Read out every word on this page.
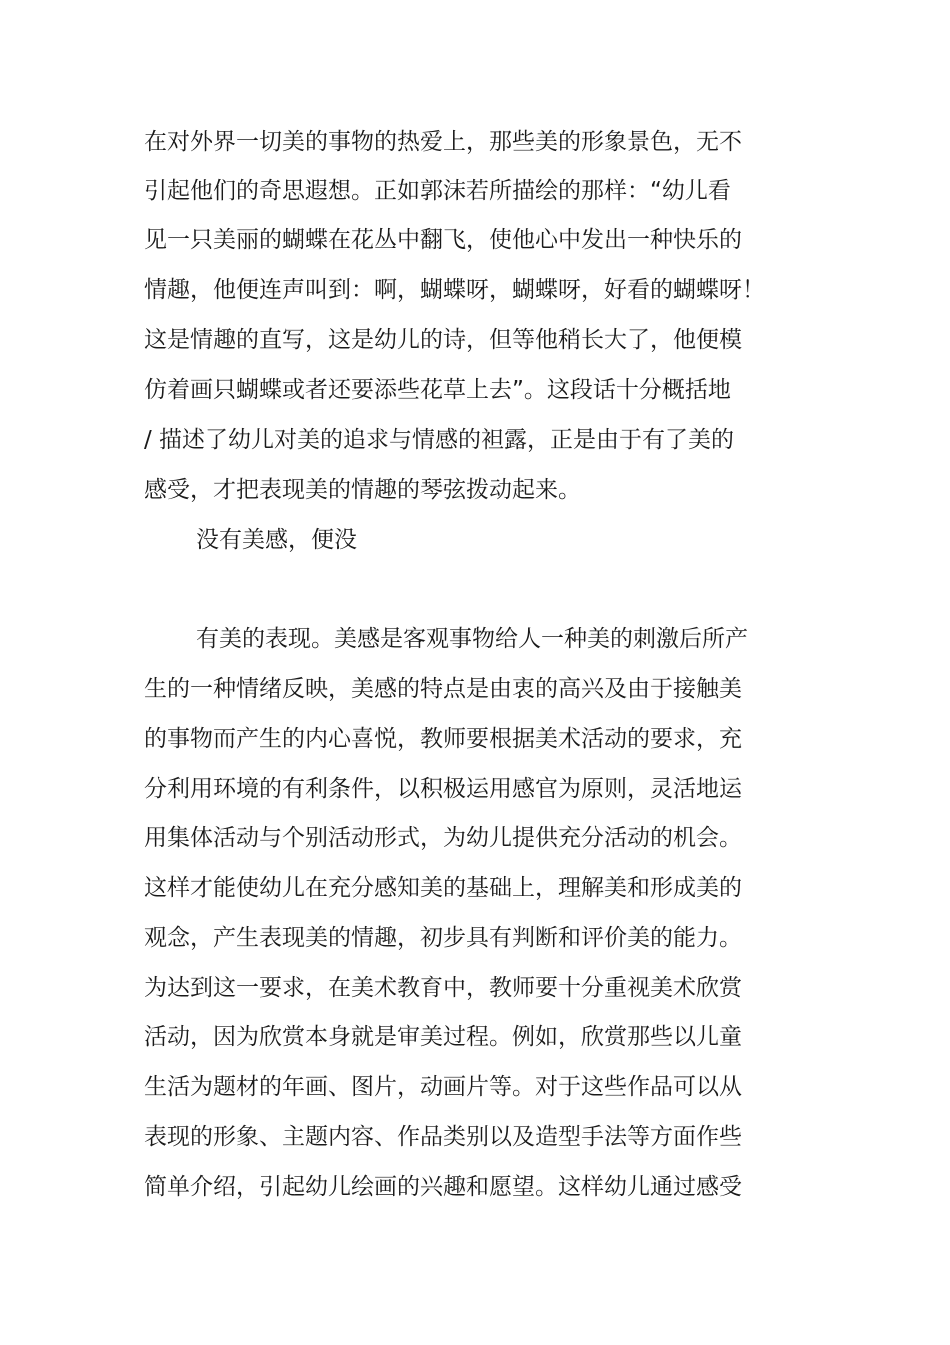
在对外界一切美的事物的热爱上，那些美的形象景色，无不
引起他们的奇思遐想。正如郭沫若所描绘的那样：“幼儿看
见一只美丽的蝴蝶在花丛中翻飞，使他心中发出一种快乐的
情趣，他便连声叫到：啊，蝴蝶呀，蝴蝶呀，好看的蝴蝶呀！
这是情趣的直写，这是幼儿的诗，但等他稍长大了，他便模
仿着画只蝴蝶或者还要添些花草上去”。这段话十分概括地
/ 描述了幼儿对美的追求与情感的袒露，正是由于有了美的
感受，才把表现美的情趣的琴弦拨动起来。
没有美感，便没
有美的表现。美感是客观事物给人一种美的刺激后所产
生的一种情绪反映，美感的特点是由衷的高兴及由于接触美
的事物而产生的内心喜悦，教师要根据美术活动的要求，充
分利用环境的有利条件，以积极运用感官为原则，灵活地运
用集体活动与个别活动形式，为幼儿提供充分活动的机会。
这样才能使幼儿在充分感知美的基础上，理解美和形成美的
观念，产生表现美的情趣，初步具有判断和评价美的能力。
为达到这一要求，在美术教育中，教师要十分重视美术欣赏
活动，因为欣赏本身就是审美过程。例如，欣赏那些以儿童
生活为题材的年画、图片，动画片等。对于这些作品可以从
表现的形象、主题内容、作品类别以及造型手法等方面作些
简单介绍，引起幼儿绘画的兴趣和愿望。这样幼儿通过感受
